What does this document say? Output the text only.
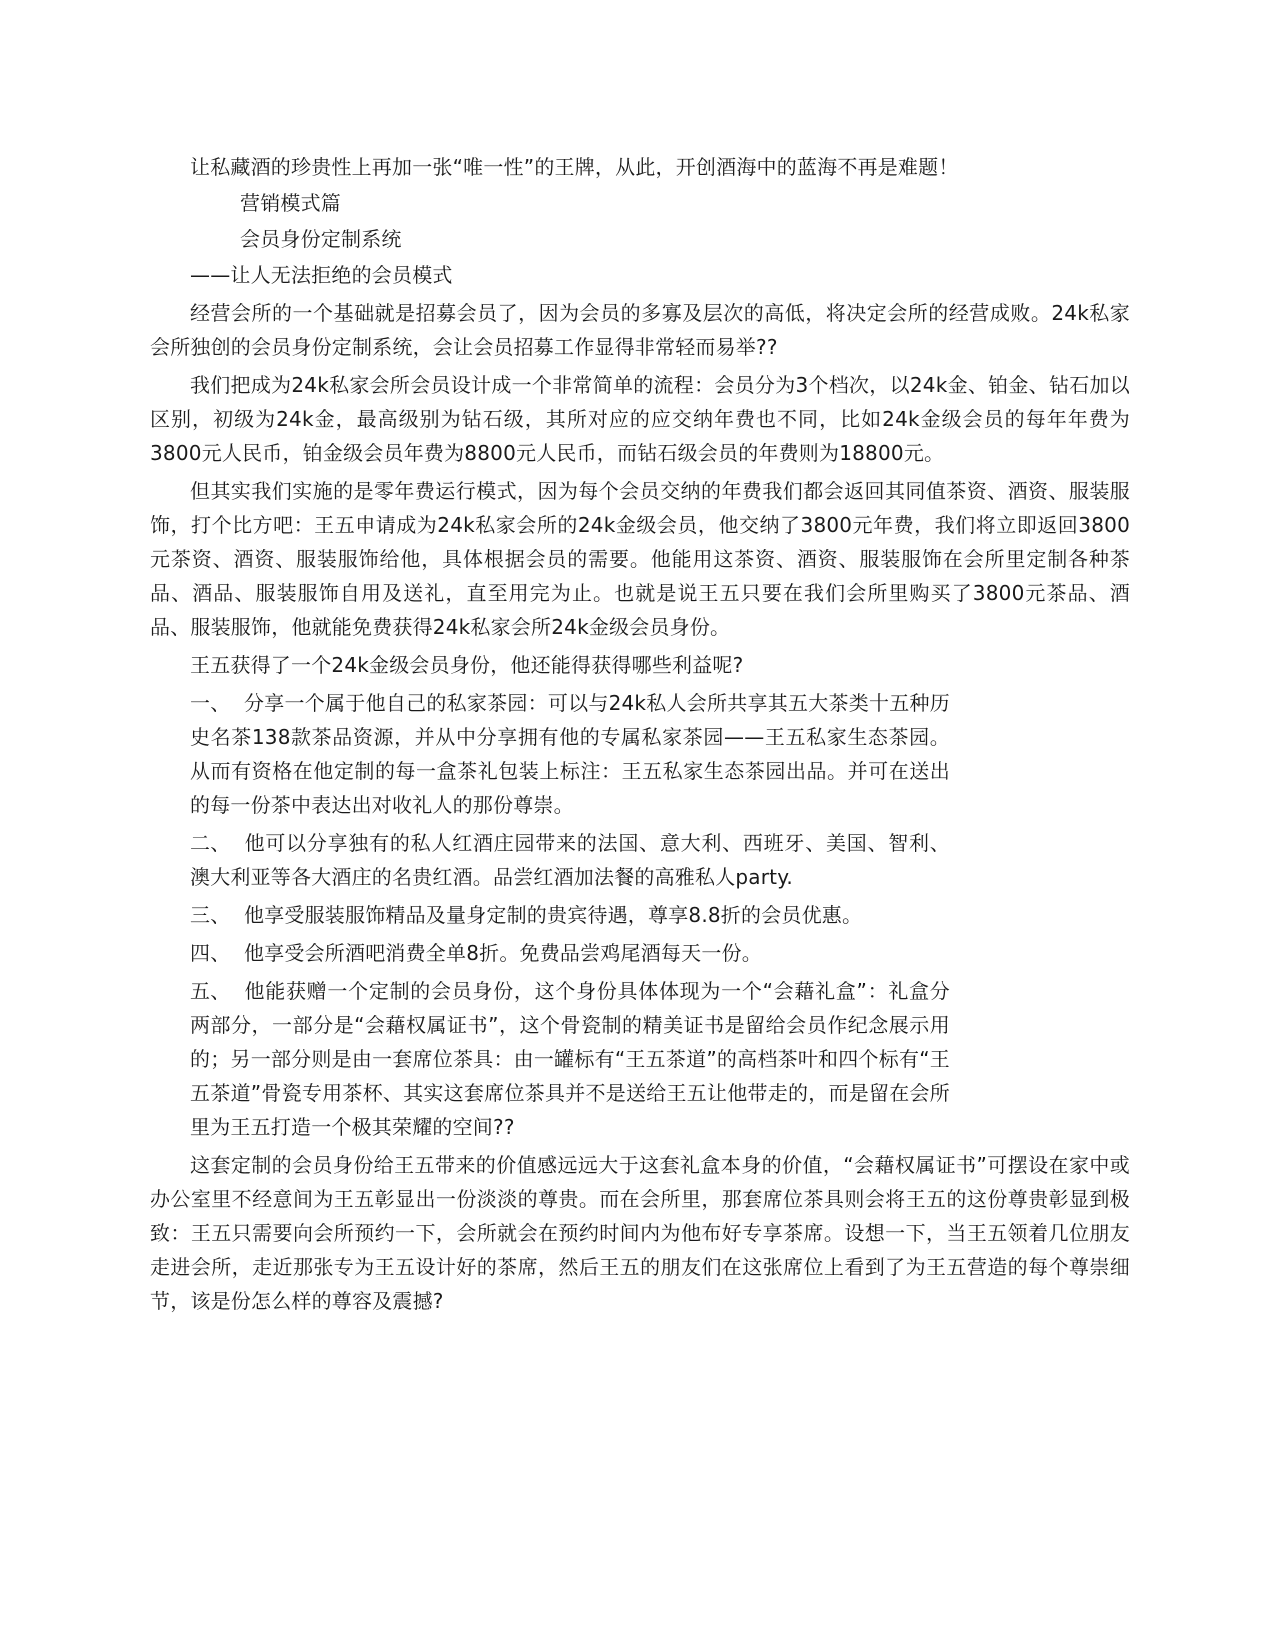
让私藏酒的珍贵性上再加一张“唯一性”的王牌，从此，开创酒海中的蓝海不再是难题！

营销模式篇

会员身份定制系统

——让人无法拒绝的会员模式

经营会所的一个基础就是招募会员了，因为会员的多寡及层次的高低，将决定会所的经营成败。24k私家会所独创的会员身份定制系统，会让会员招募工作显得非常轻而易举??

我们把成为24k私家会所会员设计成一个非常简单的流程：会员分为3个档次，以24k金、铂金、钻石加以区别，初级为24k金，最高级别为钻石级，其所对应的应交纳年费也不同，比如24k金级会员的每年年费为3800元人民币，铂金级会员年费为8800元人民币，而钻石级会员的年费则为18800元。

但其实我们实施的是零年费运行模式，因为每个会员交纳的年费我们都会返回其同值茶资、酒资、服装服饰，打个比方吧：王五申请成为24k私家会所的24k金级会员，他交纳了3800元年费，我们将立即返回3800元茶资、酒资、服装服饰给他，具体根据会员的需要。他能用这茶资、酒资、服装服饰在会所里定制各种茶品、酒品、服装服饰自用及送礼，直至用完为止。也就是说王五只要在我们会所里购买了3800元茶品、酒品、服装服饰，他就能免费获得24k私家会所24k金级会员身份。

王五获得了一个24k金级会员身份，他还能得获得哪些利益呢?

一、 分享一个属于他自己的私家茶园：可以与24k私人会所共享其五大茶类十五种历史名茶138款茶品资源，并从中分享拥有他的专属私家茶园——王五私家生态茶园。从而有资格在他定制的每一盒茶礼包装上标注：王五私家生态茶园出品。并可在送出的每一份茶中表达出对收礼人的那份尊崇。
二、 他可以分享独有的私人红酒庄园带来的法国、意大利、西班牙、美国、智利、澳大利亚等各大酒庄的名贵红酒。品尝红酒加法餐的高雅私人party.
三、 他享受服装服饰精品及量身定制的贵宾待遇，尊享8.8折的会员优惠。
四、 他享受会所酒吧消费全单8折。免费品尝鸡尾酒每天一份。
五、 他能获赠一个定制的会员身份，这个身份具体体现为一个“会藉礼盒”：礼盒分两部分，一部分是“会藉权属证书”，这个骨瓷制的精美证书是留给会员作纪念展示用的；另一部分则是由一套席位茶具：由一罐标有“王五茶道”的高档茶叶和四个标有“王五茶道”骨瓷专用茶杯、其实这套席位茶具并不是送给王五让他带走的，而是留在会所里为王五打造一个极其荣耀的空间??

这套定制的会员身份给王五带来的价值感远远大于这套礼盒本身的价值，“会藉权属证书”可摆设在家中或办公室里不经意间为王五彰显出一份淡淡的尊贵。而在会所里，那套席位茶具则会将王五的这份尊贵彰显到极致：王五只需要向会所预约一下，会所就会在预约时间内为他布好专享茶席。设想一下，当王五领着几位朋友走进会所，走近那张专为王五设计好的茶席，然后王五的朋友们在这张席位上看到了为王五营造的每个尊崇细节，该是份怎么样的尊容及震撼?
